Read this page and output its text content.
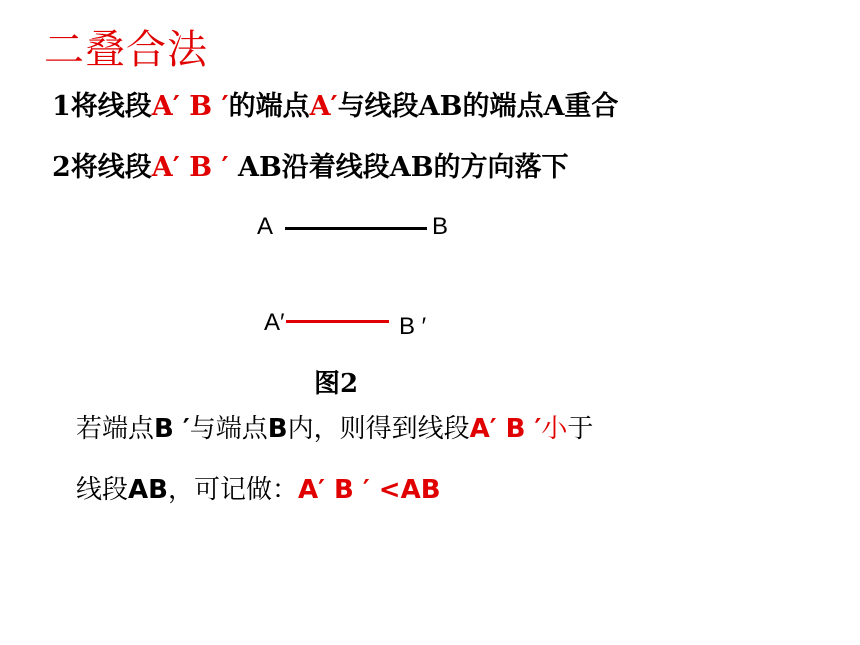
二叠合法
1将线段A′ B ′的端点A′与线段AB的端点A重合
2将线段A′ B ′ AB沿着线段AB的方向落下
A	B
A′	B ′
图2
若端点B ′与端点B内，则得到线段A′ B ′小于
线段AB，可记做：A′ B ′ <AB
